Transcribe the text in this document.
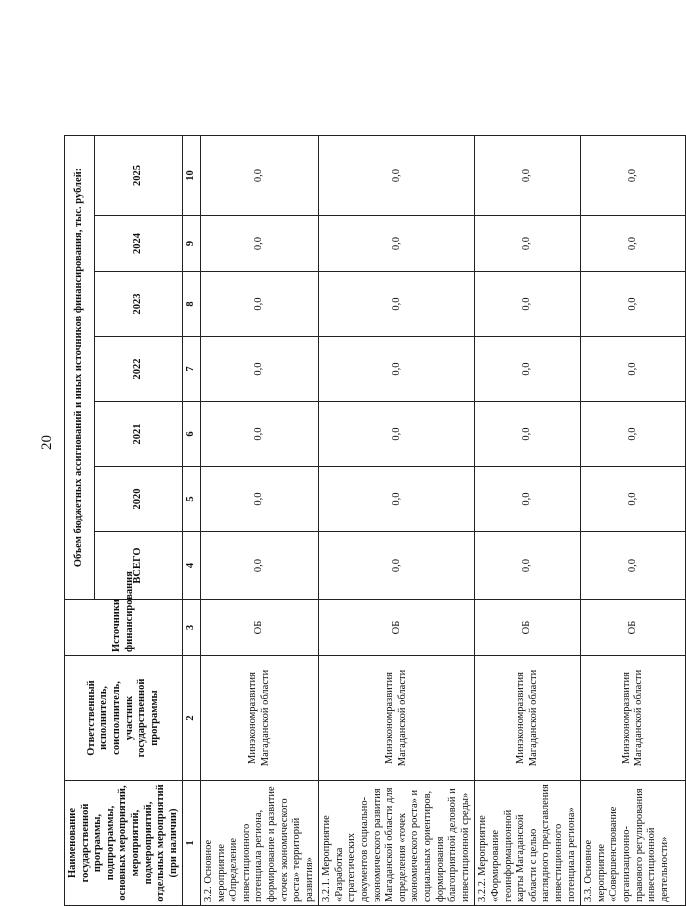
20
Наименование государственной программы, подпрограммы, основных мероприятий, мероприятий, подмероприятий, отдельных мероприятий (при наличии)	Ответственный исполнитель, соисполнитель, участник государственной программы	Источники финансирования	Объем бюджетных ассигнований и иных источников финансирования, тыс. рублей:						
			ВСЕГО	2020	2021	2022	2023	2024	2025
1	2	3	4	5	6	7	8	9	10
3.2. Основное мероприятие «Определение инвестиционного потенциала региона, формирование и развитие «точек экономического роста» территорий развития»	Минэкономразвития Магаданской области	ОБ	0,0	0,0	0,0	0,0	0,0	0,0	0,0
3.2.1. Мероприятие «Разработка стратегических документов социально-экономического развития Магаданской области для определения «точек экономического роста» и социальных ориентиров, формирования благоприятной деловой и инвестиционной среды»	Минэкономразвития Магаданской области	ОБ	0,0	0,0	0,0	0,0	0,0	0,0	0,0
3.2.2. Мероприятие «Формирование геоинформационной карты Магаданской области с целью наглядного представления инвестиционного потенциала региона»	Минэкономразвития Магаданской области	ОБ	0,0	0,0	0,0	0,0	0,0	0,0	0,0
3.3. Основное мероприятие «Совершенствование организационно-правового регулирования инвестиционной деятельности»	Минэкономразвития Магаданской области	ОБ	0,0	0,0	0,0	0,0	0,0	0,0	0,0
